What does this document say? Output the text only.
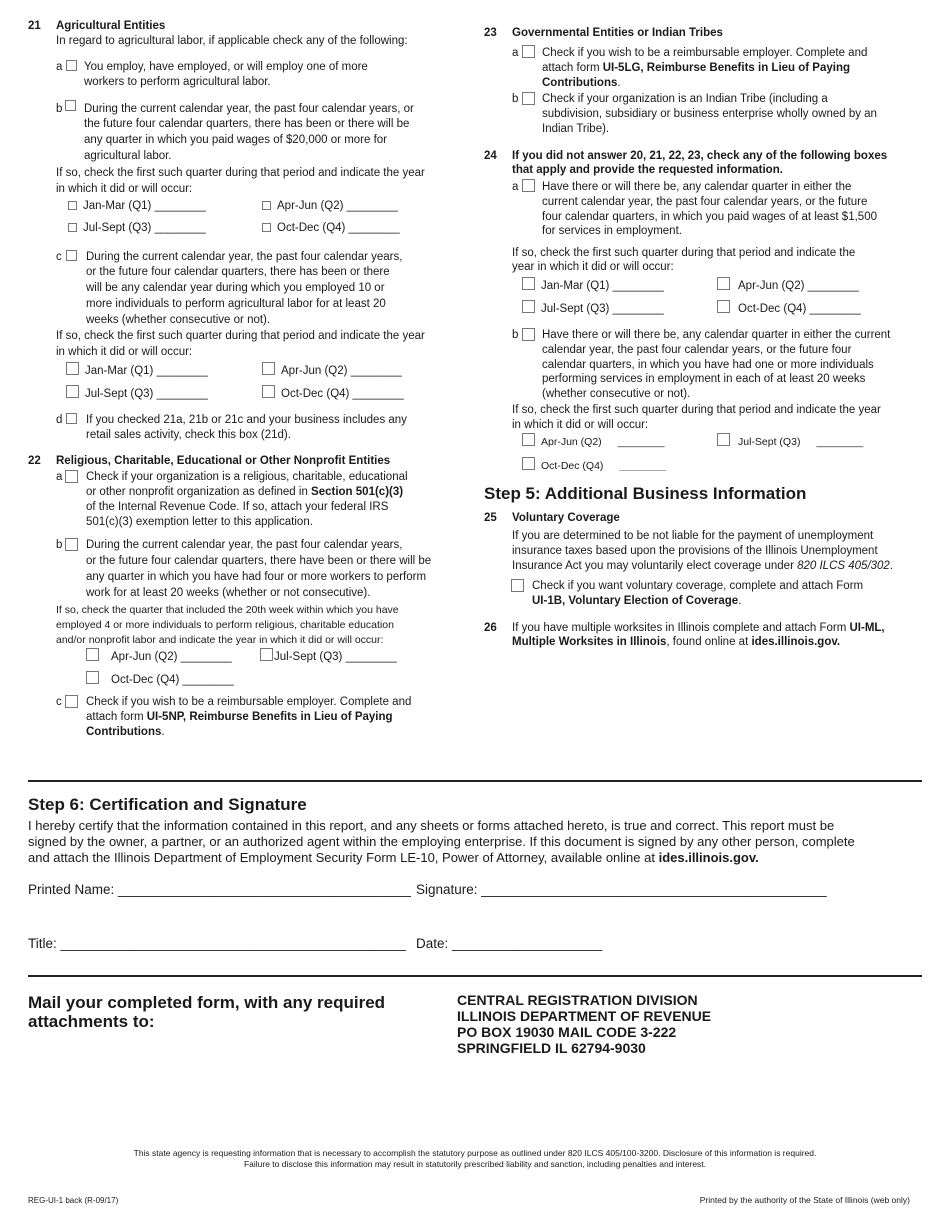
21 Agricultural Entities
In regard to agricultural labor, if applicable check any of the following:
a You employ, have employed, or will employ one of more
workers to perform agricultural labor.
b During the current calendar year, the past four calendar years, or
the future four calendar quarters, there has been or there will be
any quarter in which you paid wages of $20,000 or more for
agricultural labor.
If so, check the first such quarter during that period and indicate the year
in which it did or will occur:
Jan-Mar (Q1) ________	Apr-Jun (Q2) ________
Jul-Sept (Q3) ________	Oct-Dec (Q4) ________
c During the current calendar year, the past four calendar years,
or the future four calendar quarters, there has been or there
will be any calendar year during which you employed 10 or
more individuals to perform agricultural labor for at least 20
weeks (whether consecutive or not).
If so, check the first such quarter during that period and indicate the year
in which it did or will occur:
Jan-Mar (Q1) ________	Apr-Jun (Q2) ________
Jul-Sept (Q3) ________	Oct-Dec (Q4) ________
d If you checked 21a, 21b or 21c and your business includes any
retail sales activity, check this box (21d).
22 Religious, Charitable, Educational or Other Nonprofit Entities
a Check if your organization is a religious, charitable, educational
or other nonprofit organization as defined in Section 501(c)(3)
of the Internal Revenue Code. If so, attach your federal IRS
501(c)(3) exemption letter to this application.
b During the current calendar year, the past four calendar years,
or the future four calendar quarters, there have been or there will be
any quarter in which you have had four or more workers to perform
work for at least 20 weeks (whether or not consecutive).
If so, check the quarter that included the 20th week within which you have
employed 4 or more individuals to perform religious, charitable education
and/or nonprofit labor and indicate the year in which it did or will occur:
Apr-Jun (Q2) ________	Jul-Sept (Q3) ________
Oct-Dec (Q4) ________
c Check if you wish to be a reimbursable employer. Complete and
attach form UI-5NP, Reimburse Benefits in Lieu of Paying
Contributions.
23 Governmental Entities or Indian Tribes
a Check if you wish to be a reimbursable employer. Complete and
attach form UI-5LG, Reimburse Benefits in Lieu of Paying
Contributions.
b Check if your organization is an Indian Tribe (including a
subdivision, subsidiary or business enterprise wholly owned by an
Indian Tribe).
24 If you did not answer 20, 21, 22, 23, check any of the following boxes
that apply and provide the requested information.
a Have there or will there be, any calendar quarter in either the
current calendar year, the past four calendar years, or the future
four calendar quarters, in which you paid wages of at least $1,500
for services in employment.
If so, check the first such quarter during that period and indicate the
year in which it did or will occur:
Jan-Mar (Q1) ________	Apr-Jun (Q2) ________
Jul-Sept (Q3) ________	Oct-Dec (Q4) ________
b Have there or will there be, any calendar quarter in either the current
calendar year, the past four calendar years, or the future four
calendar quarters, in which you have had one or more individuals
performing services in employment in each of at least 20 weeks
(whether consecutive or not).
If so, check the first such quarter during that period and indicate the year
in which it did or will occur:
Apr-Jun (Q2) ________	Jul-Sept (Q3) ________
Oct-Dec (Q4) ________
Step 5: Additional Business Information
25 Voluntary Coverage
If you are determined to be not liable for the payment of unemployment
insurance taxes based upon the provisions of the Illinois Unemployment
Insurance Act you may voluntarily elect coverage under 820 ILCS 405/302.
Check if you want voluntary coverage, complete and attach Form
UI-1B, Voluntary Election of Coverage.
26 If you have multiple worksites in Illinois complete and attach Form UI-ML,
Multiple Worksites in Illinois, found online at ides.illinois.gov.
Step 6: Certification and Signature
I hereby certify that the information contained in this report, and any sheets or forms attached hereto, is true and correct. This report must be
signed by the owner, a partner, or an authorized agent within the employing enterprise. If this document is signed by any other person, complete
and attach the Illinois Department of Employment Security Form LE-10, Power of Attorney, available online at ides.illinois.gov.
Printed Name: _______________________________________ Signature: ______________________________________________
Title: ______________________________________________ Date: ____________________
Mail your completed form, with any required
attachments to:
CENTRAL REGISTRATION DIVISION
ILLINOIS DEPARTMENT OF REVENUE
PO BOX 19030 MAIL CODE 3-222
SPRINGFIELD IL 62794-9030
This state agency is requesting information that is necessary to accomplish the statutory purpose as outlined under 820 ILCS 405/100-3200. Disclosure of this information is required.
Failure to disclose this information may result in statutorily prescribed liability and sanction, including penalties and interest.
REG-UI-1 back (R-09/17)	Printed by the authority of the State of Illinois (web only)
